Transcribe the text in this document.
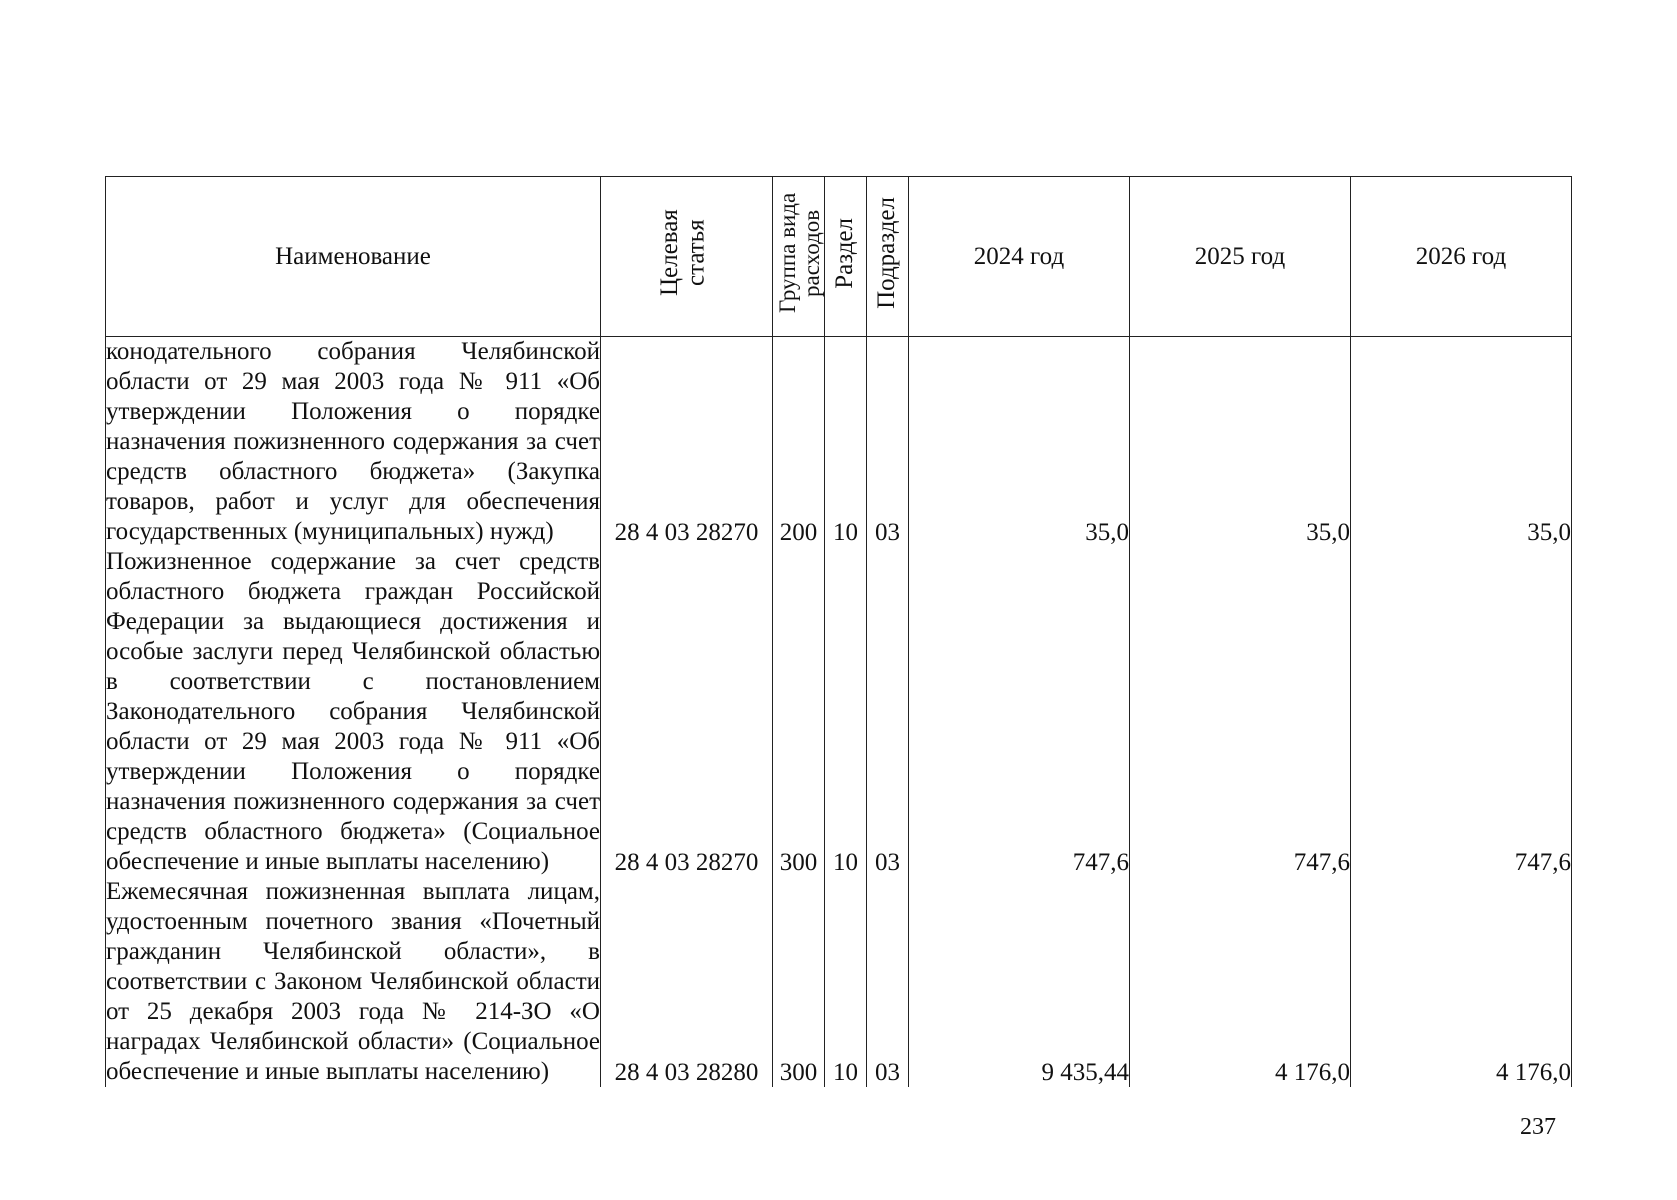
Наименование	Целевая статья	Группа вида расходов	Раздел	Подраздел	2024 год	2025 год	2026 год
конодательного собрания Челябинской области от 29 мая 2003 года № 911 «Об утверждении Положения о порядке назначения пожизненного содержания за счет средств областного бюджета» (Закупка товаров, работ и услуг для обеспечения государственных (муниципальных) нужд)	28 4 03 28270	200	10	03	35,0	35,0	35,0
Пожизненное содержание за счет средств областного бюджета граждан Российской Федерации за выдающиеся достижения и особые заслуги перед Челябинской областью в соответствии с постановлением Законодательного собрания Челябинской области от 29 мая 2003 года № 911 «Об утверждении Положения о порядке назначения пожизненного содержания за счет средств областного бюджета» (Социальное обеспечение и иные выплаты населению)	28 4 03 28270	300	10	03	747,6	747,6	747,6
Ежемесячная пожизненная выплата лицам, удостоенным почетного звания «Почетный гражданин Челябинской области», в соответствии с Законом Челябинской области от 25 декабря 2003 года № 214-ЗО «О наградах Челябинской области» (Социальное обеспечение и иные выплаты населению)	28 4 03 28280	300	10	03	9 435,44	4 176,0	4 176,0
237
